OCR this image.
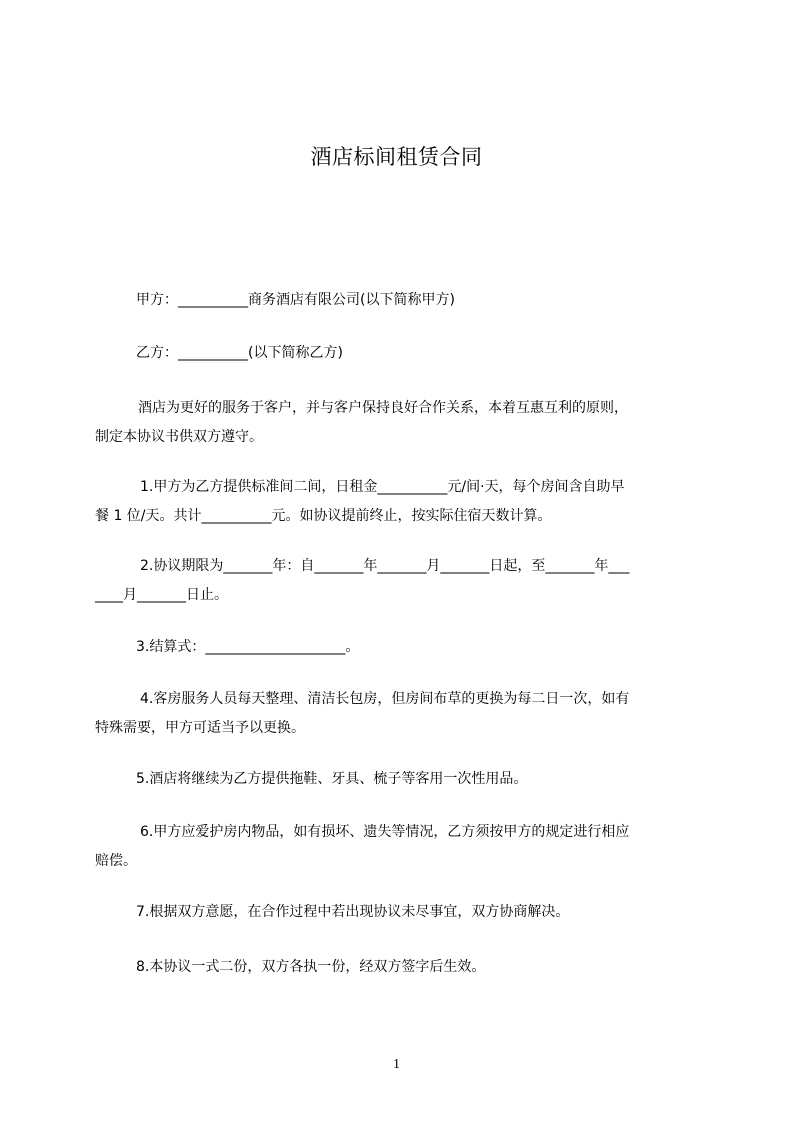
酒店标间租赁合同
甲方：__________商务酒店有限公司(以下简称甲方)
乙方：__________(以下简称乙方)
酒店为更好的服务于客户，并与客户保持良好合作关系，本着互惠互利的原则，
制定本协议书供双方遵守。
1.甲方为乙方提供标准间二间，日租金__________元/间·天，每个房间含自助早
餐 1 位/天。共计__________元。如协议提前终止，按实际住宿天数计算。
2.协议期限为_______年：自_______年_______月_______日起，至_______年___
____月_______日止。
3.结算式：____________________。
4.客房服务人员每天整理、清洁长包房，但房间布草的更换为每二日一次，如有
特殊需要，甲方可适当予以更换。
5.酒店将继续为乙方提供拖鞋、牙具、梳子等客用一次性用品。
6.甲方应爱护房内物品，如有损坏、遗失等情况，乙方须按甲方的规定进行相应
赔偿。
7.根据双方意愿，在合作过程中若出现协议未尽事宜，双方协商解决。
8.本协议一式二份，双方各执一份，经双方签字后生效。
1
